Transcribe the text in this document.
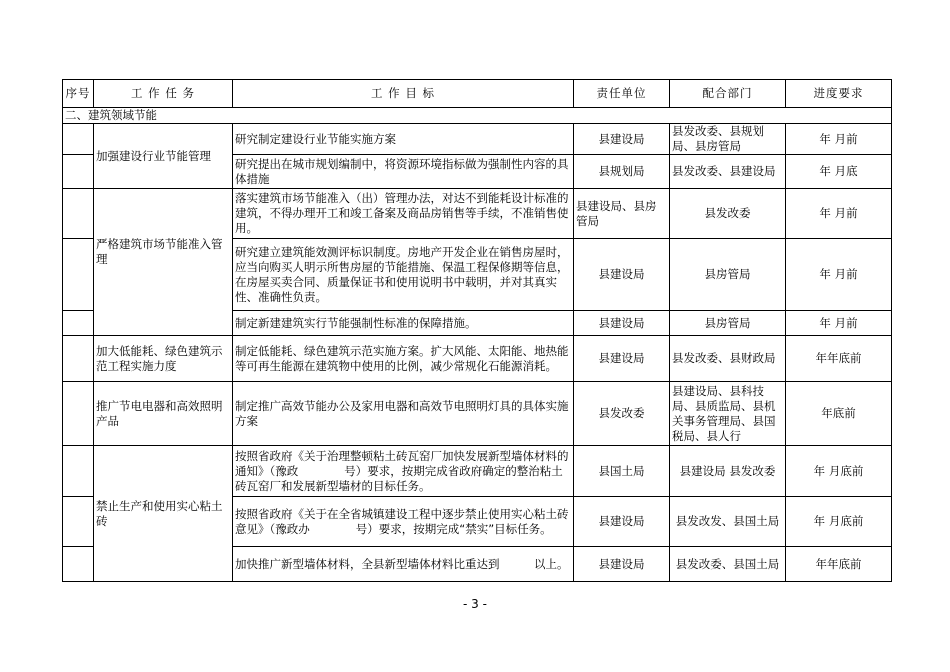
序号	工 作 任 务	工 作 目 标	责任单位	配合部门	进度要求
二、建筑领域节能					
	加强建设行业节能管理	研究制定建设行业节能实施方案	县建设局	县发改委、县规划局、县房管局	年 月前
		研究提出在城市规划编制中，将资源环境指标做为强制性内容的具体措施	县规划局	县发改委、县建设局	年 月底
	严格建筑市场节能准入管理	落实建筑市场节能准入（出）管理办法，对达不到能耗设计标准的建筑，不得办理开工和竣工备案及商品房销售等手续，不准销售使用。	县建设局、县房管局	县发改委	年 月前
		研究建立建筑能效测评标识制度。房地产开发企业在销售房屋时，应当向购买人明示所售房屋的节能措施、保温工程保修期等信息，在房屋买卖合同、质量保证书和使用说明书中载明，并对其真实性、准确性负责。	县建设局	县房管局	年 月前
		制定新建建筑实行节能强制性标准的保障措施。	县建设局	县房管局	年 月前
	加大低能耗、绿色建筑示范工程实施力度	制定低能耗、绿色建筑示范实施方案。扩大风能、太阳能、地热能等可再生能源在建筑物中使用的比例，减少常规化石能源消耗。	县建设局	县发改委、县财政局	年年底前
	推广节电电器和高效照明产品	制定推广高效节能办公及家用电器和高效节电照明灯具的具体实施方案	县发改委	县建设局、县科技局、县质监局、县机关事务管理局、县国税局、县人行	年底前
	禁止生产和使用实心粘土砖	按照省政府《关于治理整顿粘土砖瓦窑厂加快发展新型墙体材料的通知》（豫政　　　　号）要求，按期完成省政府确定的整治粘土砖瓦窑厂和发展新型墙材的目标任务。	县国土局	县建设局 县发改委	年 月底前
		按照省政府《关于在全省城镇建设工程中逐步禁止使用实心粘土砖意见》（豫政办　　　　号）要求，按期完成“禁实”目标任务。	县建设局	县发改发、县国土局	年 月底前
		加快推广新型墙体材料，全县新型墙体材料比重达到　　　以上。	县建设局	县发改委、县国土局	年年底前
- 3 -
